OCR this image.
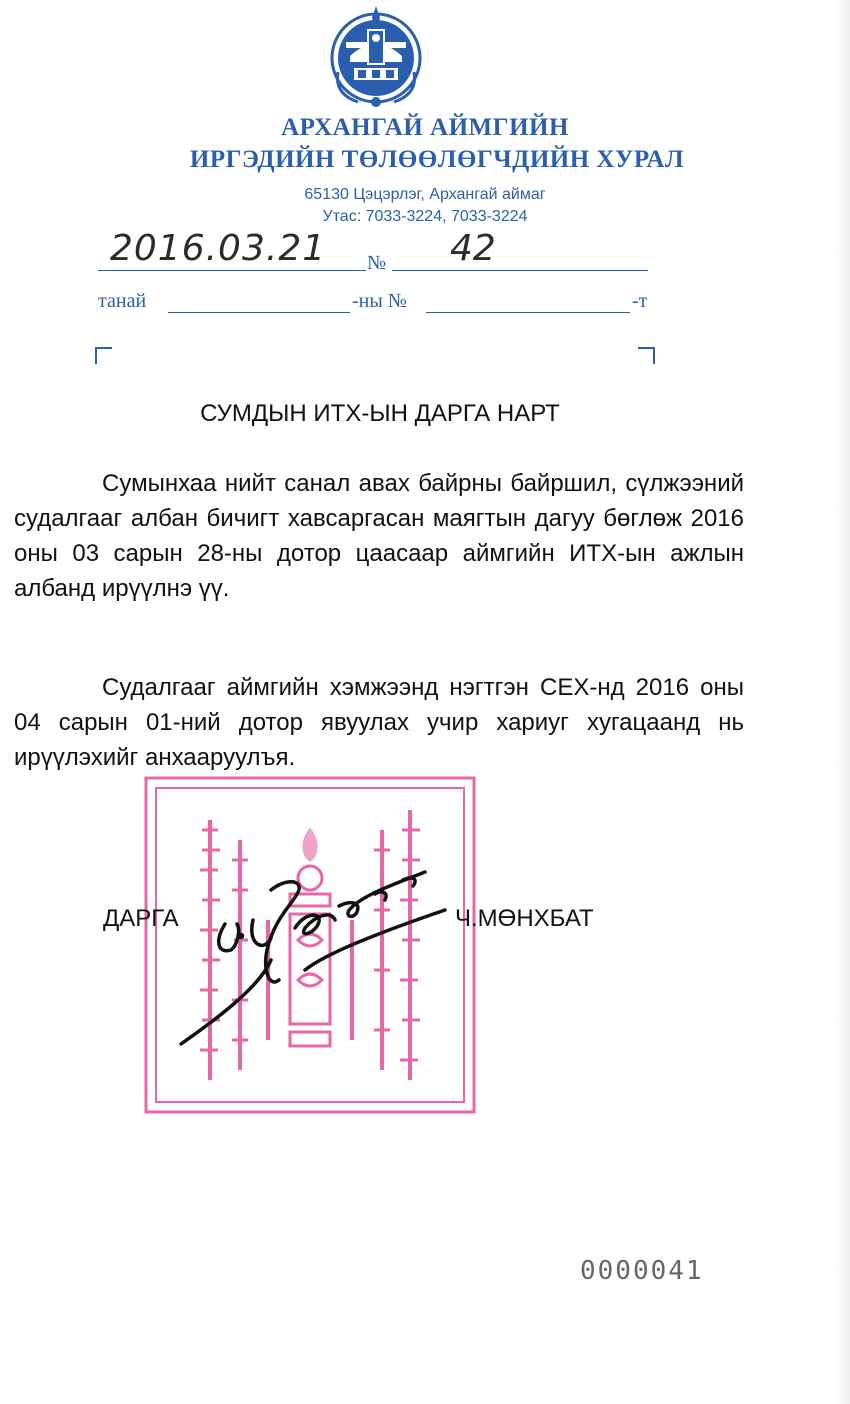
АРХАНГАЙ АЙМГИЙН
ИРГЭДИЙН ТӨЛӨӨЛӨГЧДИЙН ХУРАЛ
65130 Цэцэрлэг, Архангай аймаг
Утас: 7033-3224, 7033-3224
2016.03.21 № 42
танай	-ны №	-т
СУМДЫН ИТХ-ЫН ДАРГА НАРТ
Сумынхаа нийт санал авах байрны байршил, сүлжээний судалгааг албан бичигт хавсаргасан маягтын дагуу бөглөж 2016 оны 03 сарын 28-ны дотор цаасаар аймгийн ИТХ-ын ажлын албанд ирүүлнэ үү.
Судалгааг аймгийн хэмжээнд нэгтгэн СЕХ-нд 2016 оны 04 сарын 01-ний дотор явуулах учир хариуг хугацаанд нь ирүүлэхийг анхааруулъя.
ДАРГА	Ч.МӨНХБАТ
0000041
